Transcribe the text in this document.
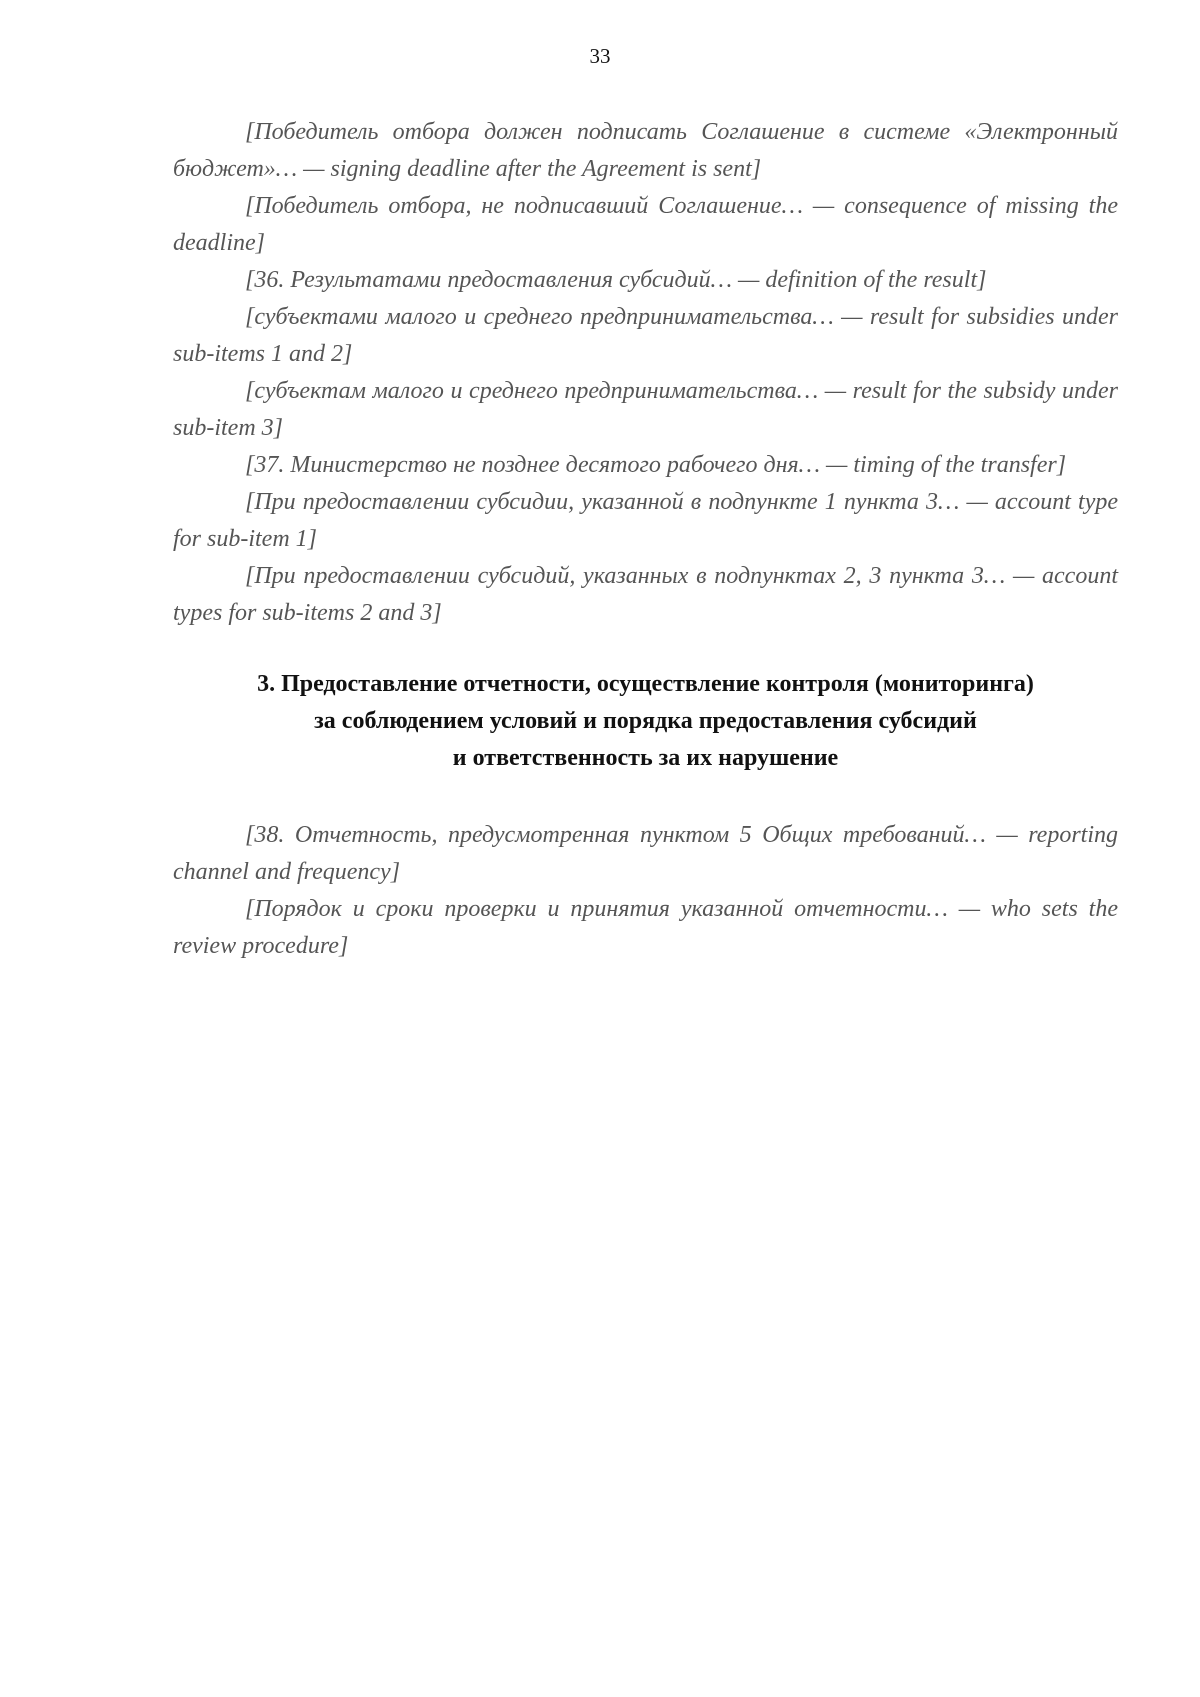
33

[Победитель отбора должен подписать Соглашение в системе «Электронный бюджет»… — signing deadline after the Agreement is sent]

[Победитель отбора, не подписавший Соглашение… — consequence of missing the deadline]

[36. Результатами предоставления субсидий… — definition of the result]

[субъектами малого и среднего предпринимательства… — result for subsidies under sub-items 1 and 2]

[субъектам малого и среднего предпринимательства… — result for the subsidy under sub-item 3]

[37. Министерство не позднее десятого рабочего дня… — timing of the transfer]

[При предоставлении субсидии, указанной в подпункте 1 пункта 3… — account type for sub-item 1]

[При предоставлении субсидий, указанных в подпунктах 2, 3 пункта 3… — account types for sub-items 2 and 3]

3. Предоставление отчетности, осуществление контроля (мониторинга)
за соблюдением условий и порядка предоставления субсидий
и ответственность за их нарушение

[38. Отчетность, предусмотренная пунктом 5 Общих требований… — reporting channel and frequency]

[Порядок и сроки проверки и принятия указанной отчетности… — who sets the review procedure]
